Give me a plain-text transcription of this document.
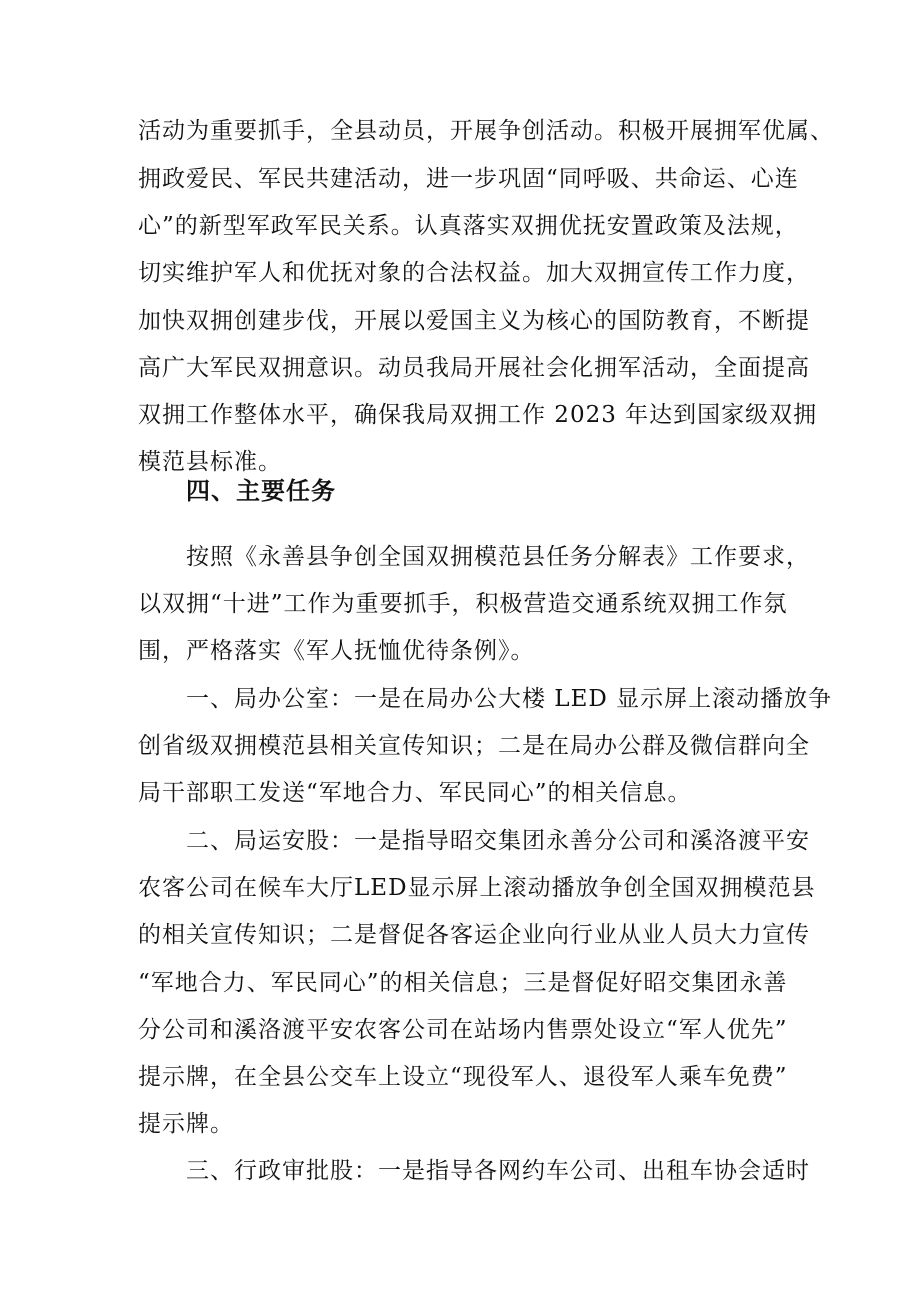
活动为重要抓手，全县动员，开展争创活动。积极开展拥军优属、
拥政爱民、军民共建活动，进一步巩固“同呼吸、共命运、心连
心”的新型军政军民关系。认真落实双拥优抚安置政策及法规，
切实维护军人和优抚对象的合法权益。加大双拥宣传工作力度，
加快双拥创建步伐，开展以爱国主义为核心的国防教育，不断提
高广大军民双拥意识。动员我局开展社会化拥军活动，全面提高
双拥工作整体水平，确保我局双拥工作 2023 年达到国家级双拥
模范县标准。
四、主要任务
按照《永善县争创全国双拥模范县任务分解表》工作要求，
以双拥“十进”工作为重要抓手，积极营造交通系统双拥工作氛
围，严格落实《军人抚恤优待条例》。
一、局办公室：一是在局办公大楼 LED 显示屏上滚动播放争
创省级双拥模范县相关宣传知识；二是在局办公群及微信群向全
局干部职工发送“军地合力、军民同心”的相关信息。
二、局运安股：一是指导昭交集团永善分公司和溪洛渡平安
农客公司在候车大厅LED显示屏上滚动播放争创全国双拥模范县
的相关宣传知识；二是督促各客运企业向行业从业人员大力宣传
“军地合力、军民同心”的相关信息；三是督促好昭交集团永善
分公司和溪洛渡平安农客公司在站场内售票处设立“军人优先”
提示牌，在全县公交车上设立“现役军人、退役军人乘车免费”
提示牌。
三、行政审批股：一是指导各网约车公司、出租车协会适时
